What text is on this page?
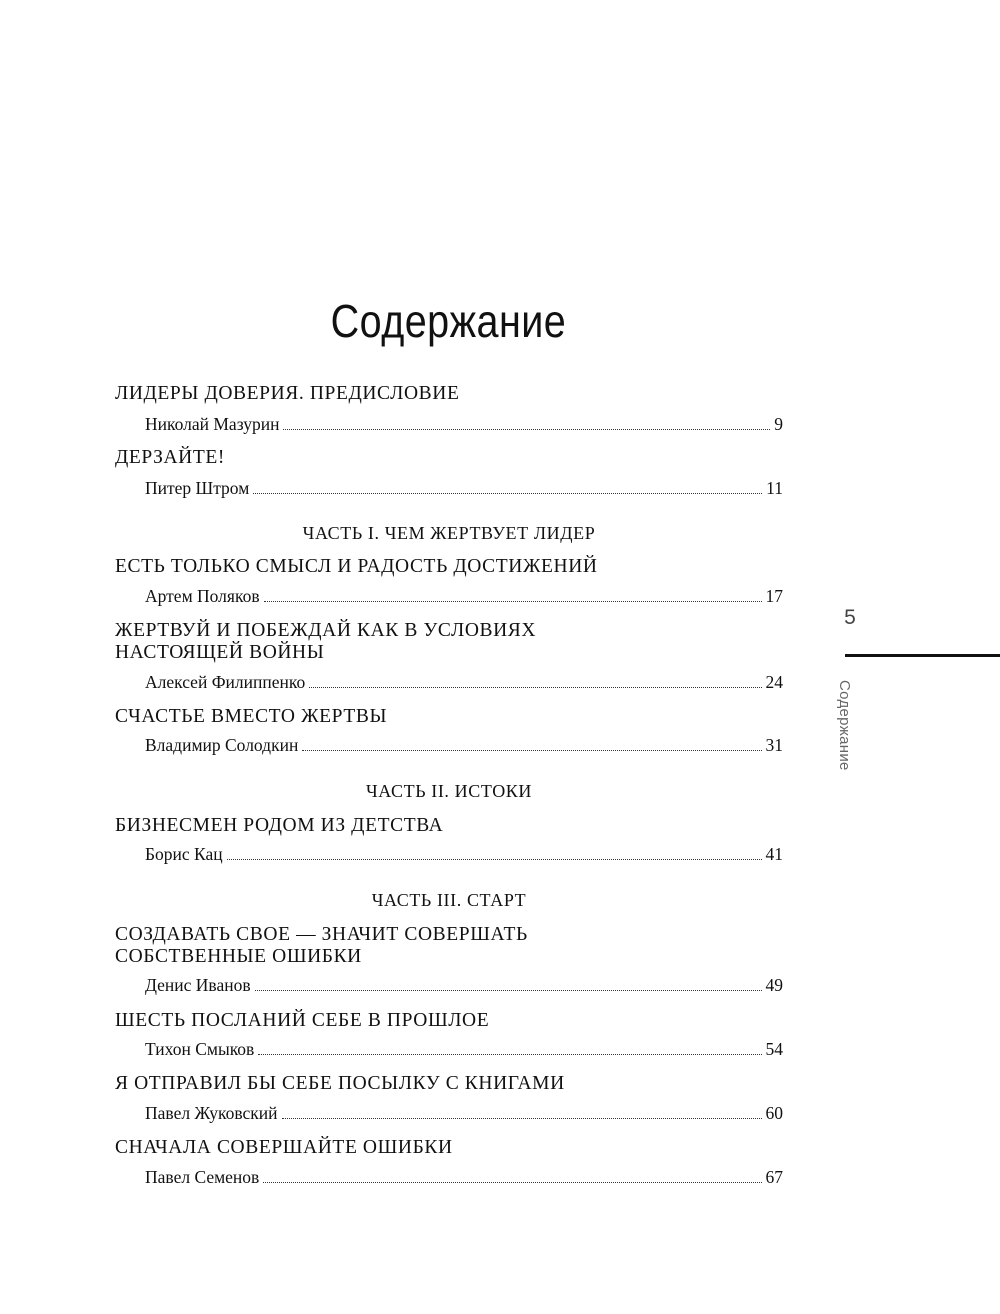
Содержание
ЛИДЕРЫ ДОВЕРИЯ. ПРЕДИСЛОВИЕ
Николай Мазурин	9
ДЕРЗАЙТЕ!
Питер Штром	11
ЧАСТЬ I. ЧЕМ ЖЕРТВУЕТ ЛИДЕР
ЕСТЬ ТОЛЬКО СМЫСЛ И РАДОСТЬ ДОСТИЖЕНИЙ
Артем Поляков	17
ЖЕРТВУЙ И ПОБЕЖДАЙ КАК В УСЛОВИЯХ
НАСТОЯЩЕЙ ВОЙНЫ
Алексей Филиппенко	24
СЧАСТЬЕ ВМЕСТО ЖЕРТВЫ
Владимир Солодкин	31
ЧАСТЬ II. ИСТОКИ
БИЗНЕСМЕН РОДОМ ИЗ ДЕТСТВА
Борис Кац	41
ЧАСТЬ III. СТАРТ
СОЗДАВАТЬ СВОЕ — ЗНАЧИТ СОВЕРШАТЬ
СОБСТВЕННЫЕ ОШИБКИ
Денис Иванов	49
ШЕСТЬ ПОСЛАНИЙ СЕБЕ В ПРОШЛОЕ
Тихон Смыков	54
Я ОТПРАВИЛ БЫ СЕБЕ ПОСЫЛКУ С КНИГАМИ
Павел Жуковский	60
СНАЧАЛА СОВЕРШАЙТЕ ОШИБКИ
Павел Семенов	67
5
Содержание
